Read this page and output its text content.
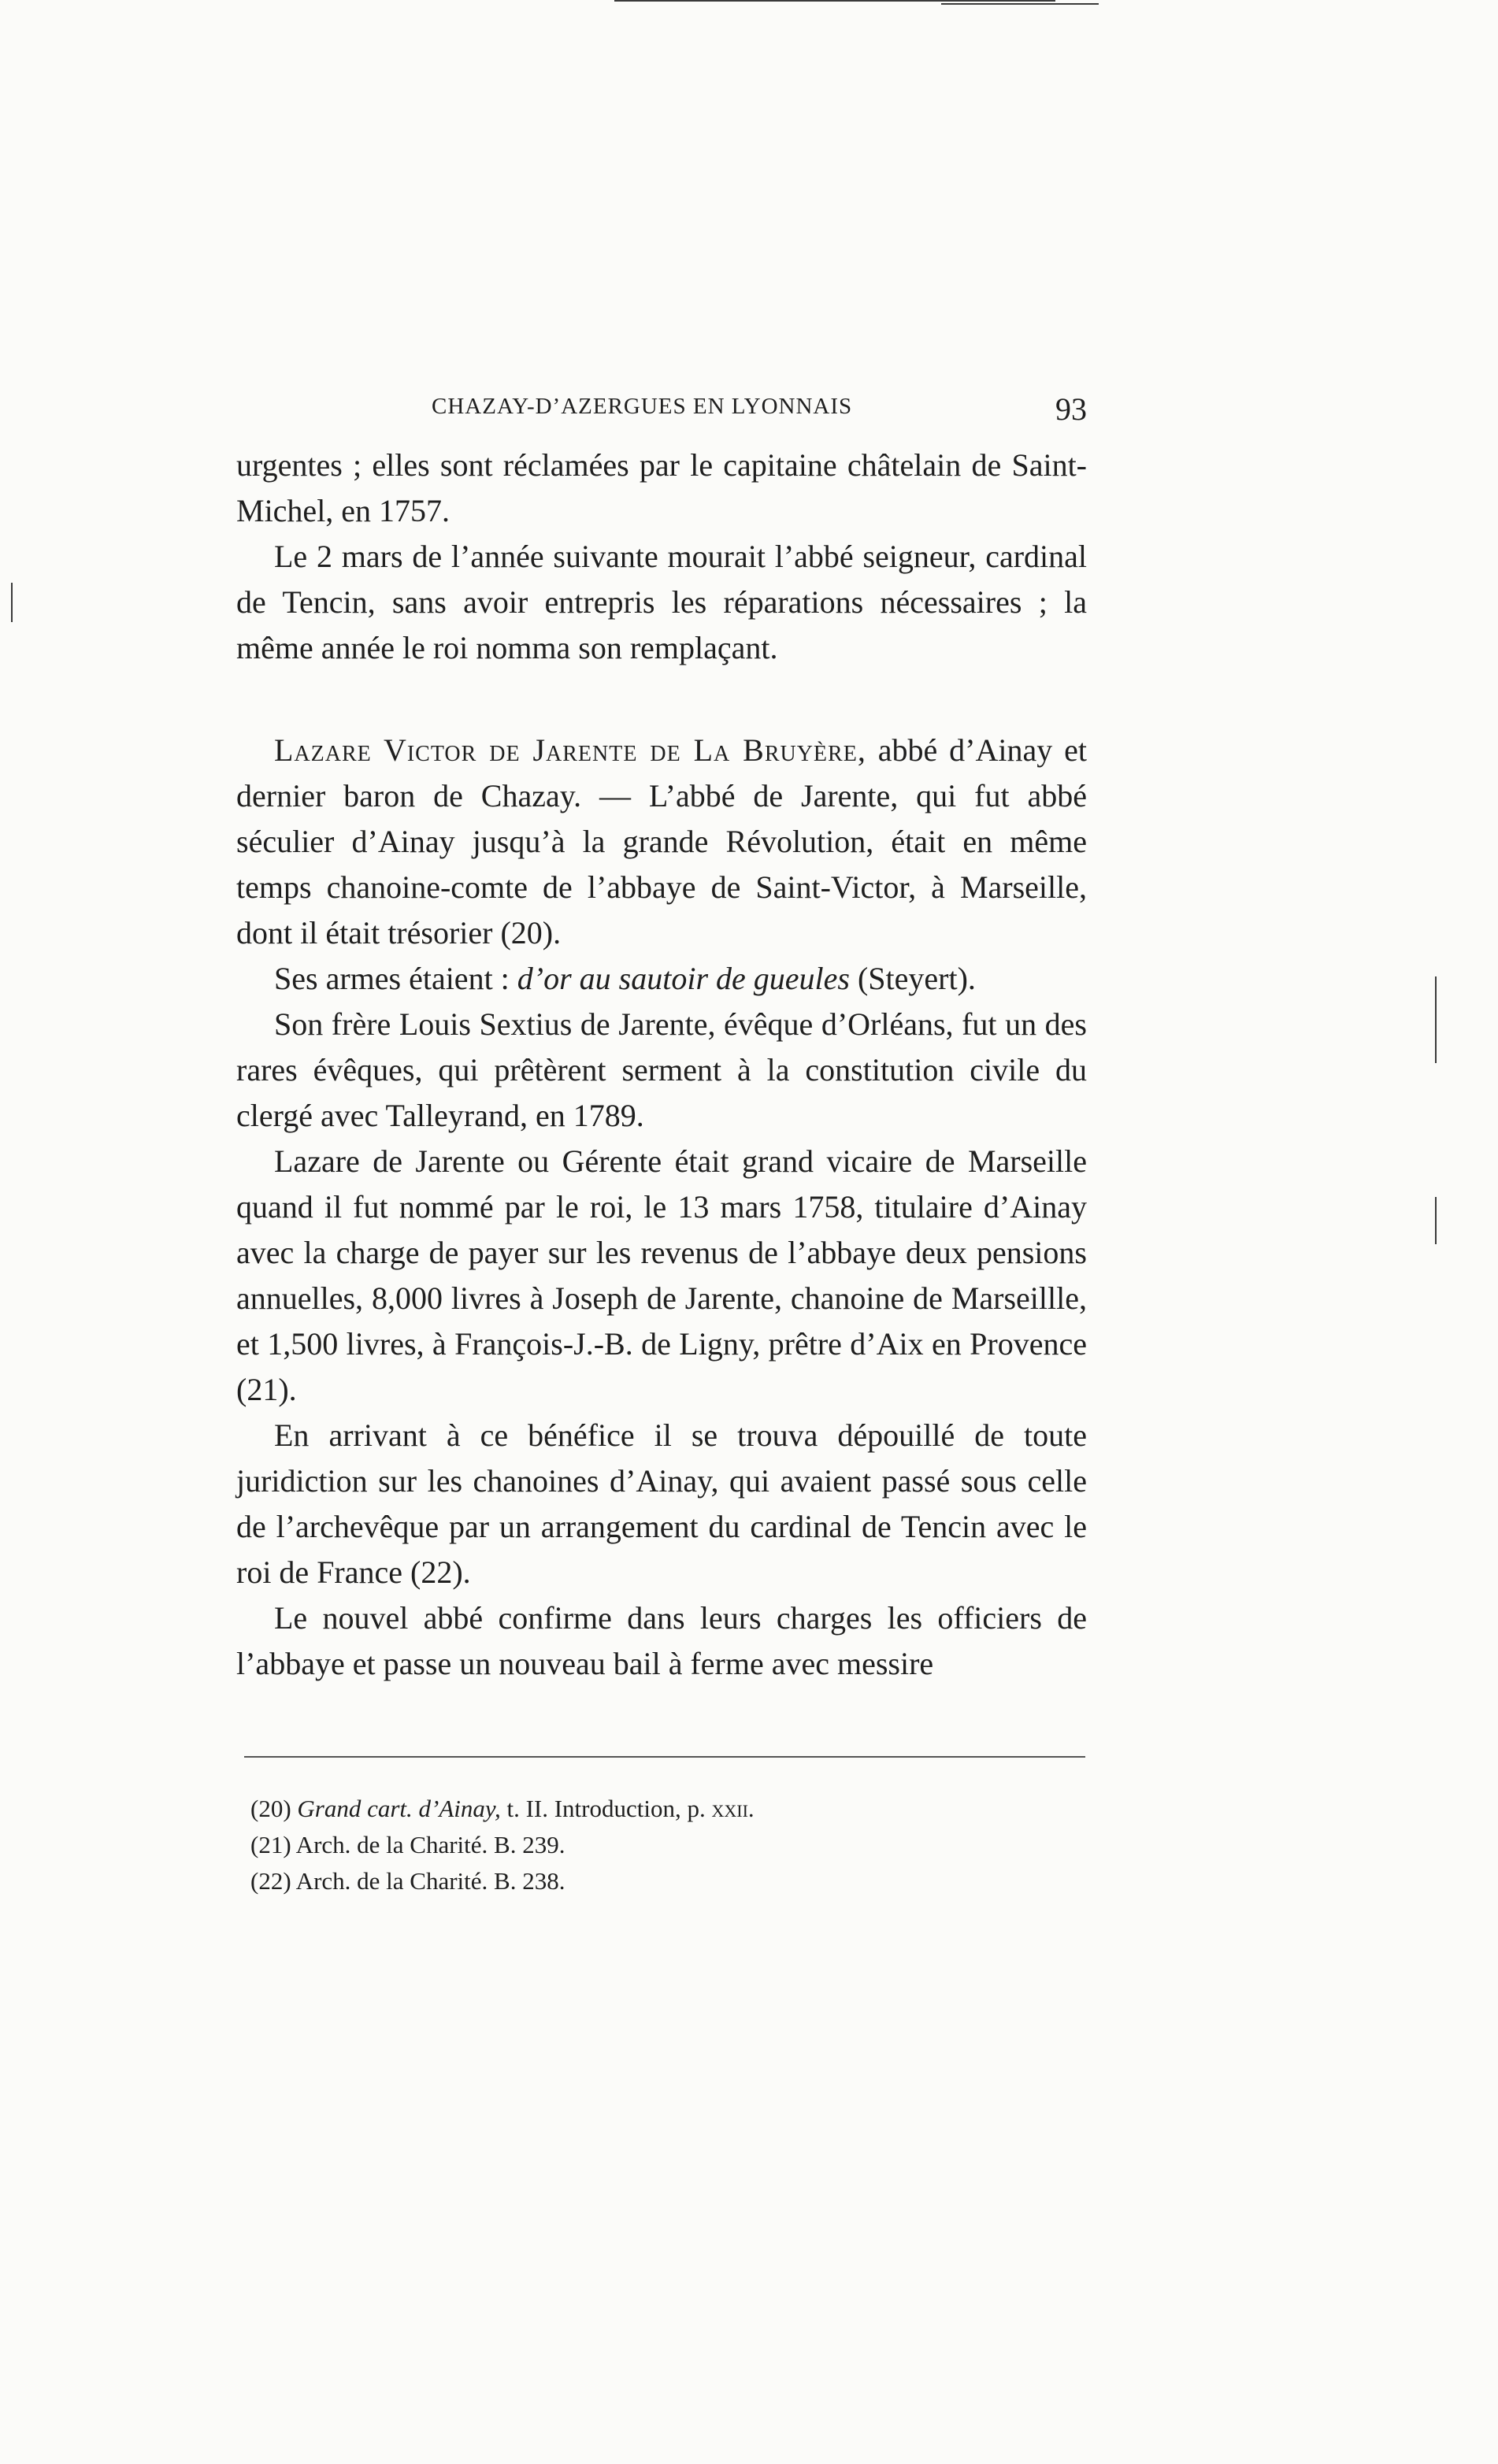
CHAZAY-D’AZERGUES EN LYONNAIS	93

urgentes ; elles sont réclamées par le capitaine châtelain de Saint-Michel, en 1757.

Le 2 mars de l’année suivante mourait l’abbé seigneur, cardinal de Tencin, sans avoir entrepris les réparations nécessaires ; la même année le roi nomma son remplaçant.

Lazare Victor de Jarente de La Bruyère, abbé d’Ainay et dernier baron de Chazay. — L’abbé de Jarente, qui fut abbé séculier d’Ainay jusqu’à la grande Révolution, était en même temps chanoine-comte de l’abbaye de Saint-Victor, à Marseille, dont il était trésorier (20).

Ses armes étaient : d’or au sautoir de gueules (Steyert).

Son frère Louis Sextius de Jarente, évêque d’Orléans, fut un des rares évêques, qui prêtèrent serment à la constitution civile du clergé avec Talleyrand, en 1789.

Lazare de Jarente ou Gérente était grand vicaire de Marseille quand il fut nommé par le roi, le 13 mars 1758, titulaire d’Ainay avec la charge de payer sur les revenus de l’abbaye deux pensions annuelles, 8,000 livres à Joseph de Jarente, chanoine de Marseillle, et 1,500 livres, à François-J.-B. de Ligny, prêtre d’Aix en Provence (21).

En arrivant à ce bénéfice il se trouva dépouillé de toute juridiction sur les chanoines d’Ainay, qui avaient passé sous celle de l’archevêque par un arrangement du cardinal de Tencin avec le roi de France (22).

Le nouvel abbé confirme dans leurs charges les officiers de l’abbaye et passe un nouveau bail à ferme avec messire

(20) Grand cart. d’Ainay, t. II. Introduction, p. xxii.
(21) Arch. de la Charité. B. 239.
(22) Arch. de la Charité. B. 238.
